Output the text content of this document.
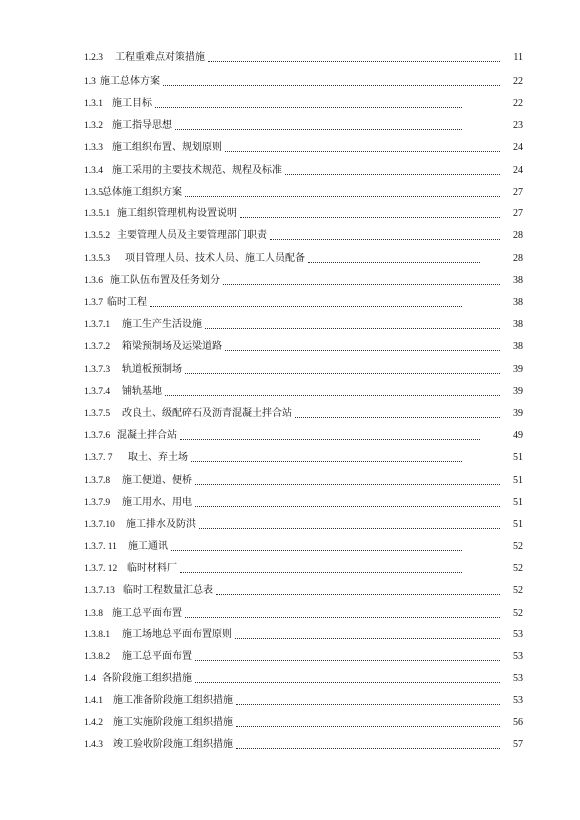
1.2.3 工程重难点对策措施	11
1.3 施工总体方案	22
1.3.1 施工目标	22
1.3.2 施工指导思想	23
1.3.3 施工组织布置、规划原则	24
1.3.4 施工采用的主要技术规范、规程及标准	24
1.3.5 总体施工组织方案	27
1.3.5.1 施工组织管理机构设置说明	27
1.3.5.2 主要管理人员及主要管理部门职责	28
1.3.5.3 项目管理人员、技术人员、施工人员配备	28
1.3.6 施工队伍布置及任务划分	38
1.3.7 临时工程	38
1.3.7.1 施工生产生活设施	38
1.3.7.2 箱梁预制场及运梁道路	38
1.3.7.3 轨道板预制场	39
1.3.7.4 铺轨基地	39
1.3.7.5 改良土、级配碎石及沥青混凝土拌合站	39
1.3.7.6 混凝土拌合站	49
1.3.7. 7 取土、弃土场	51
1.3.7.8 施工便道、便桥	51
1.3.7.9 施工用水、用电	51
1.3.7.10 施工排水及防洪	51
1.3.7. 11 施工通讯	52
1.3.7. 12 临时材料厂	52
1.3.7.13 临时工程数量汇总表	52
1.3.8 施工总平面布置	52
1.3.8.1 施工场地总平面布置原则	53
1.3.8.2 施工总平面布置	53
1.4 各阶段施工组织措施	53
1.4.1 施工准备阶段施工组织措施	53
1.4.2 施工实施阶段施工组织措施	56
1.4.3 竣工验收阶段施工组织措施	57
